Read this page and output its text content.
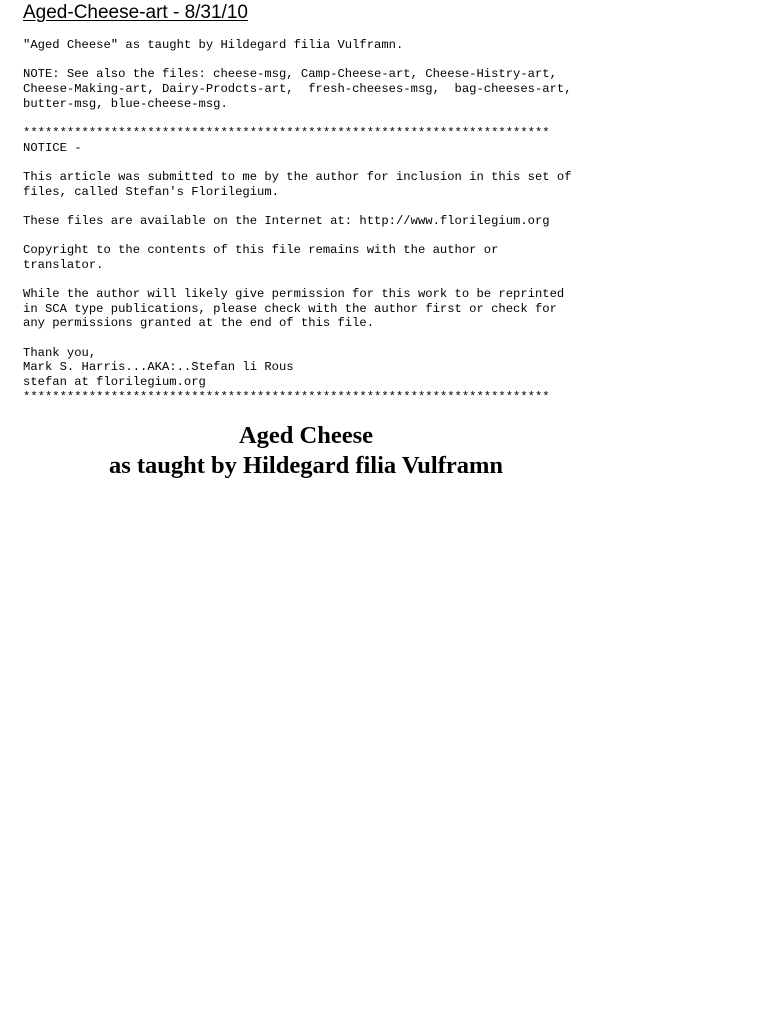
Aged-Cheese-art - 8/31/10
"Aged Cheese" as taught by Hildegard filia Vulframn.

NOTE: See also the files: cheese-msg, Camp-Cheese-art, Cheese-Histry-art,
Cheese-Making-art, Dairy-Prodcts-art,  fresh-cheeses-msg,  bag-cheeses-art,
butter-msg, blue-cheese-msg.

************************************************************************
NOTICE -

This article was submitted to me by the author for inclusion in this set of
files, called Stefan's Florilegium.

These files are available on the Internet at: http://www.florilegium.org

Copyright to the contents of this file remains with the author or
translator.

While the author will likely give permission for this work to be reprinted
in SCA type publications, please check with the author first or check for
any permissions granted at the end of this file.

Thank you,
Mark S. Harris...AKA:..Stefan li Rous
stefan at florilegium.org
************************************************************************
Aged Cheese
as taught by Hildegard filia Vulframn
